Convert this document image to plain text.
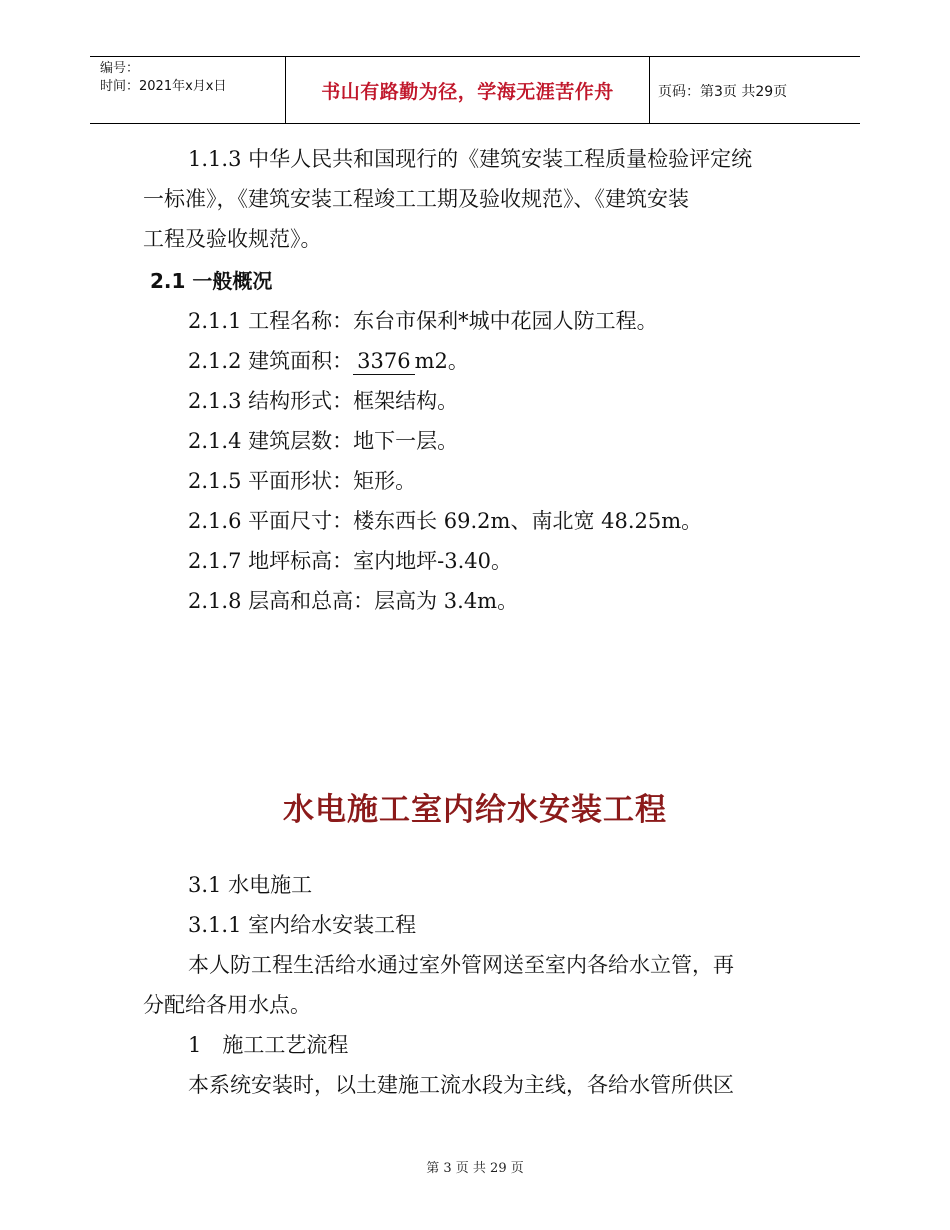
编号：
时间：2021年x月x日	书山有路勤为径，学海无涯苦作舟	页码：第3页 共29页
1.1.3 中华人民共和国现行的《建筑安装工程质量检验评定统
一标准》，《建筑安装工程竣工工期及验收规范》、《建筑安装
工程及验收规范》。
2.1 一般概况
2.1.1 工程名称：东台市保利*城中花园人防工程。
2.1.2 建筑面积： 3376 m2。
2.1.3 结构形式：框架结构。
2.1.4 建筑层数：地下一层。
2.1.5 平面形状：矩形。
2.1.6 平面尺寸：楼东西长 69.2m、南北宽 48.25m。
2.1.7 地坪标高：室内地坪-3.40。
2.1.8 层高和总高：层高为 3.4m。
水电施工室内给水安装工程
3.1 水电施工
3.1.1 室内给水安装工程
本人防工程生活给水通过室外管网送至室内各给水立管，再
分配给各用水点。
1　施工工艺流程
本系统安装时，以土建施工流水段为主线，各给水管所供区
第 3 页 共 29 页
